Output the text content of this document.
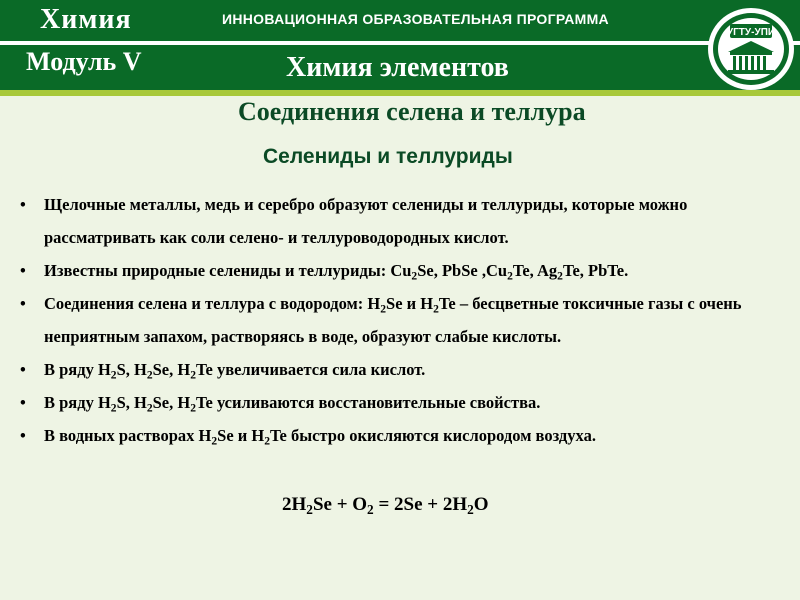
Химия
Модуль V
ИННОВАЦИОННАЯ ОБРАЗОВАТЕЛЬНАЯ ПРОГРАММА
Химия элементов
УГТУ-УПИ
Соединения селена и теллура
Селениды и теллуриды
• Щелочные металлы, медь и серебро образуют селениды и теллуриды, которые можно рассматривать как соли селено- и теллуроводородных кислот.
• Известны природные селениды и теллуриды: $Cu_2Se$, PbSe $,Cu_2Te$, $Ag_2Te$, PbTe.
• Соединения селена и теллура с водородом: $H_2Se$ и $H_2Te$ – бесцветные токсичные газы с очень неприятным запахом, растворяясь в воде, образуют слабые кислоты.
• В ряду $H_2S$, $H_2Se$, $H_2Te$ увеличивается сила кислот.
• В ряду $H_2S$, $H_2Se$, $H_2Te$ усиливаются восстановительные свойства.
• В водных растворах $H_2Se$ и $H_2Te$ быстро окисляются кислородом воздуха.
$2H_2Se + O_2 = 2Se + 2H_2O$
